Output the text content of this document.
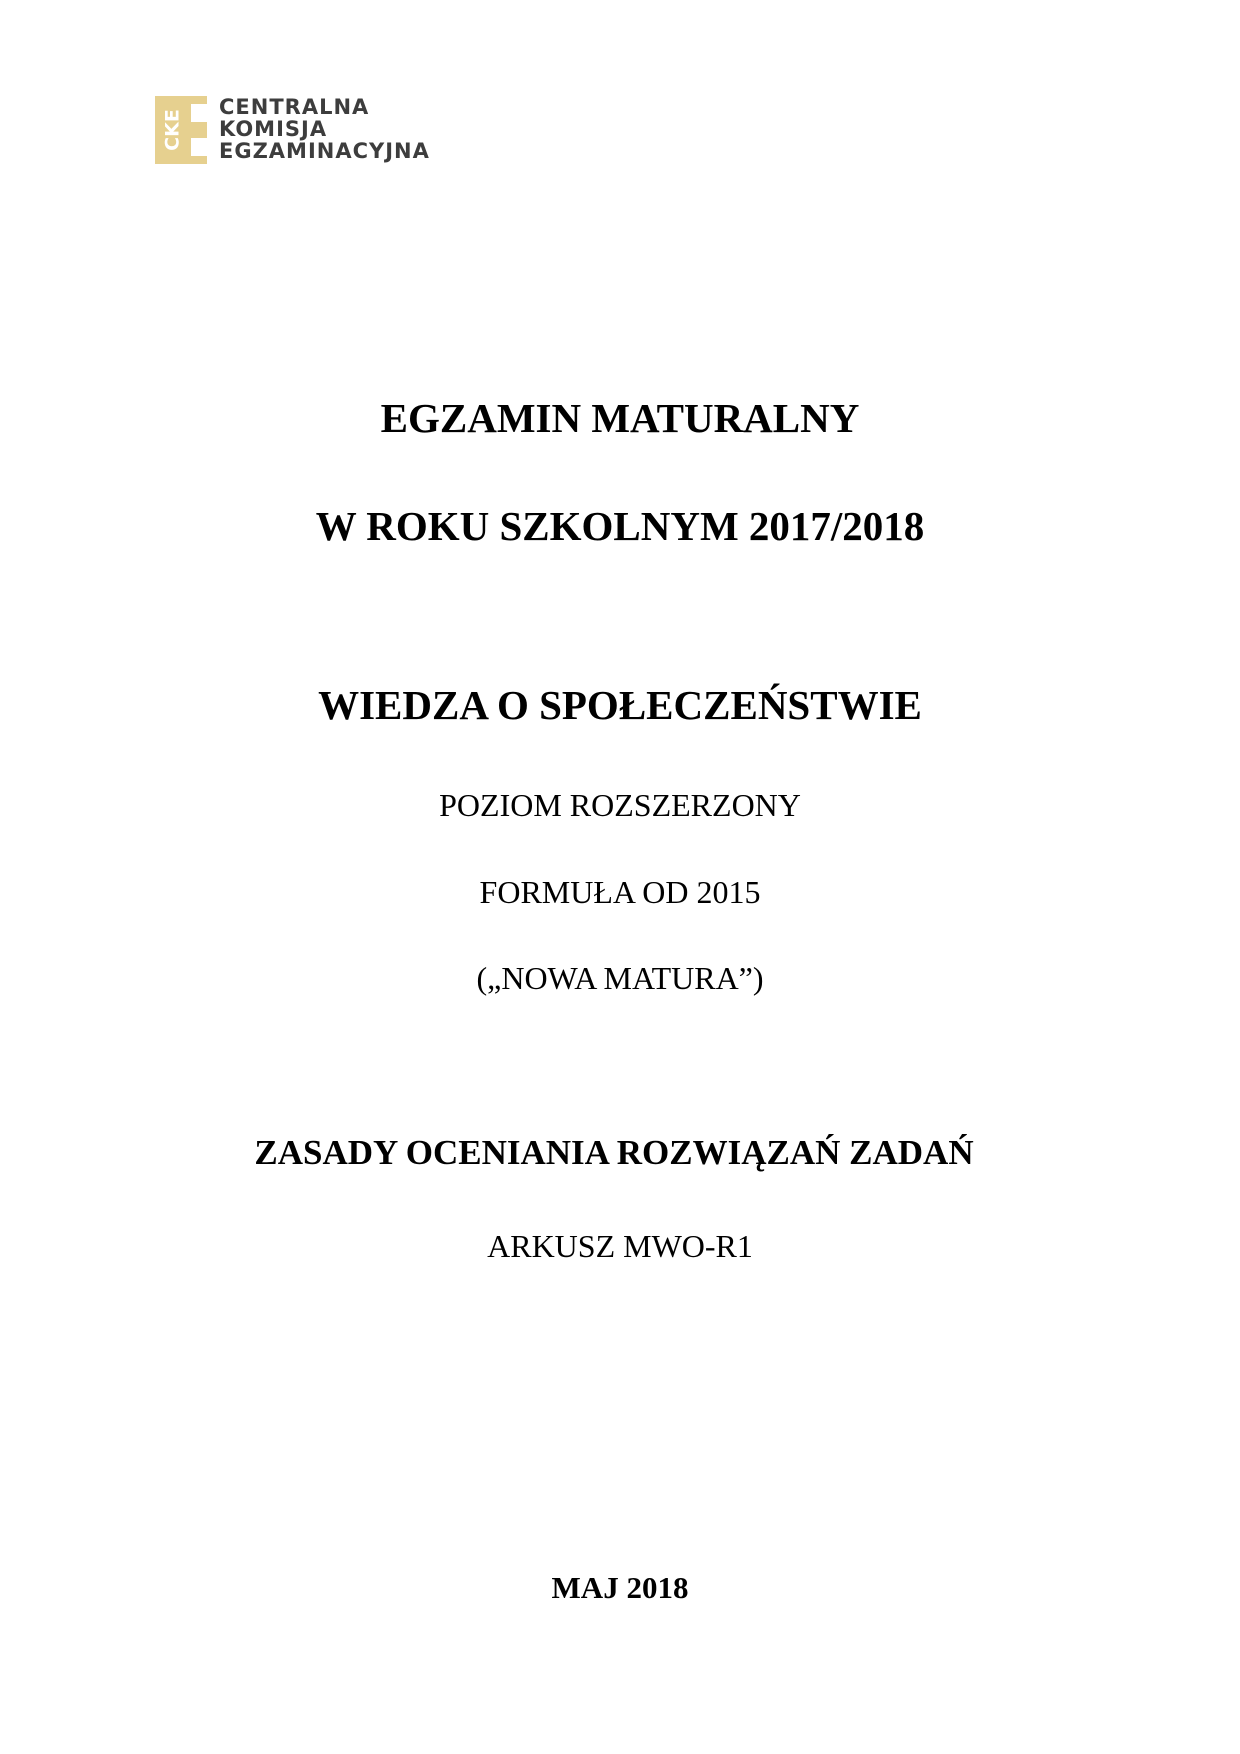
CKE
CENTRALNA
KOMISJA
EGZAMINACYJNA
EGZAMIN MATURALNY
W ROKU SZKOLNYM 2017/2018
WIEDZA O SPOŁECZEŃSTWIE
POZIOM ROZSZERZONY
FORMUŁA OD 2015
(„NOWA MATURA”)
ZASADY OCENIANIA ROZWIĄZAŃ ZADAŃ
ARKUSZ MWO-R1
MAJ 2018
